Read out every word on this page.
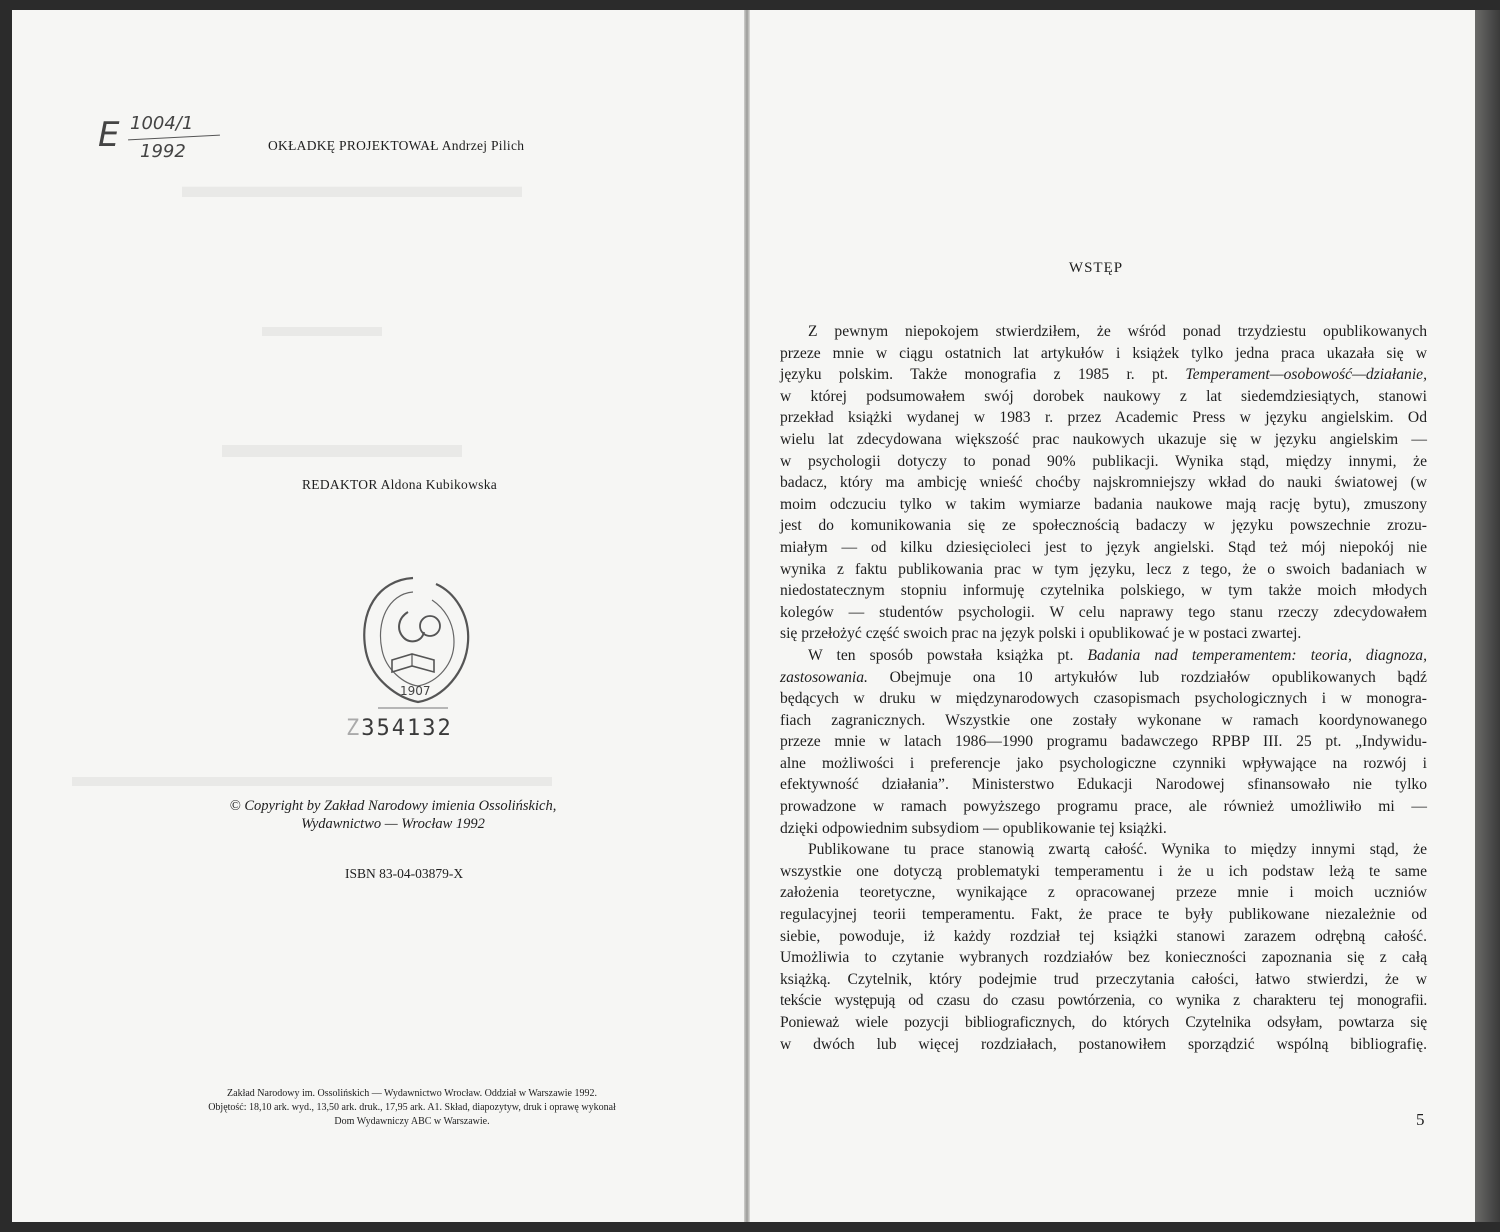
▬▬▬▬▬▬▬▬▬▬
▬▬▬▬
▬▬▬▬▬▬
▬▬▬▬▬▬▬▬▬▬▬▬▬▬▬▬
E 1004/1
1992	OKŁADKĘ PROJEKTOWAŁ Andrzej Pilich
REDAKTOR Aldona Kubikowska
1907
Z354132
© Copyright by Zakład Narodowy imienia Ossolińskich,
Wydawnictwo — Wrocław 1992
ISBN 83-04-03879-X
Zakład Narodowy im. Ossolińskich — Wydawnictwo Wrocław. Oddział w Warszawie 1992.
Objętość: 18,10 ark. wyd., 13,50 ark. druk., 17,95 ark. A1. Skład, diapozytyw, druk i oprawę wykonał
Dom Wydawniczy ABC w Warszawie.
WSTĘP
Z pewnym niepokojem stwierdziłem, że wśród ponad trzydziestu opublikowanych
przeze mnie w ciągu ostatnich lat artykułów i książek tylko jedna praca ukazała się w
języku polskim. Także monografia z 1985 r. pt. Temperament—osobowość—działanie,
w której podsumowałem swój dorobek naukowy z lat siedemdziesiątych, stanowi
przekład książki wydanej w 1983 r. przez Academic Press w języku angielskim. Od
wielu lat zdecydowana większość prac naukowych ukazuje się w języku angielskim —
w psychologii dotyczy to ponad 90% publikacji. Wynika stąd, między innymi, że
badacz, który ma ambicję wnieść choćby najskromniejszy wkład do nauki światowej (w
moim odczuciu tylko w takim wymiarze badania naukowe mają rację bytu), zmuszony
jest do komunikowania się ze społecznością badaczy w języku powszechnie zrozu-
miałym — od kilku dziesięcioleci jest to język angielski. Stąd też mój niepokój nie
wynika z faktu publikowania prac w tym języku, lecz z tego, że o swoich badaniach w
niedostatecznym stopniu informuję czytelnika polskiego, w tym także moich młodych
kolegów — studentów psychologii. W celu naprawy tego stanu rzeczy zdecydowałem
się przełożyć część swoich prac na język polski i opublikować je w postaci zwartej.
W ten sposób powstała książka pt. Badania nad temperamentem: teoria, diagnoza,
zastosowania. Obejmuje ona 10 artykułów lub rozdziałów opublikowanych bądź
będących w druku w międzynarodowych czasopismach psychologicznych i w monogra-
fiach zagranicznych. Wszystkie one zostały wykonane w ramach koordynowanego
przeze mnie w latach 1986—1990 programu badawczego RPBP III. 25 pt. „Indywidu-
alne możliwości i preferencje jako psychologiczne czynniki wpływające na rozwój i
efektywność działania”. Ministerstwo Edukacji Narodowej sfinansowało nie tylko
prowadzone w ramach powyższego programu prace, ale również umożliwiło mi —
dzięki odpowiednim subsydiom — opublikowanie tej książki.
Publikowane tu prace stanowią zwartą całość. Wynika to między innymi stąd, że
wszystkie one dotyczą problematyki temperamentu i że u ich podstaw leżą te same
założenia teoretyczne, wynikające z opracowanej przeze mnie i moich uczniów
regulacyjnej teorii temperamentu. Fakt, że prace te były publikowane niezależnie od
siebie, powoduje, iż każdy rozdział tej książki stanowi zarazem odrębną całość.
Umożliwia to czytanie wybranych rozdziałów bez konieczności zapoznania się z całą
książką. Czytelnik, który podejmie trud przeczytania całości, łatwo stwierdzi, że w
tekście występują od czasu do czasu powtórzenia, co wynika z charakteru tej monografii.
Ponieważ wiele pozycji bibliograficznych, do których Czytelnika odsyłam, powtarza się
w dwóch lub więcej rozdziałach, postanowiłem sporządzić wspólną bibliografię.
5
